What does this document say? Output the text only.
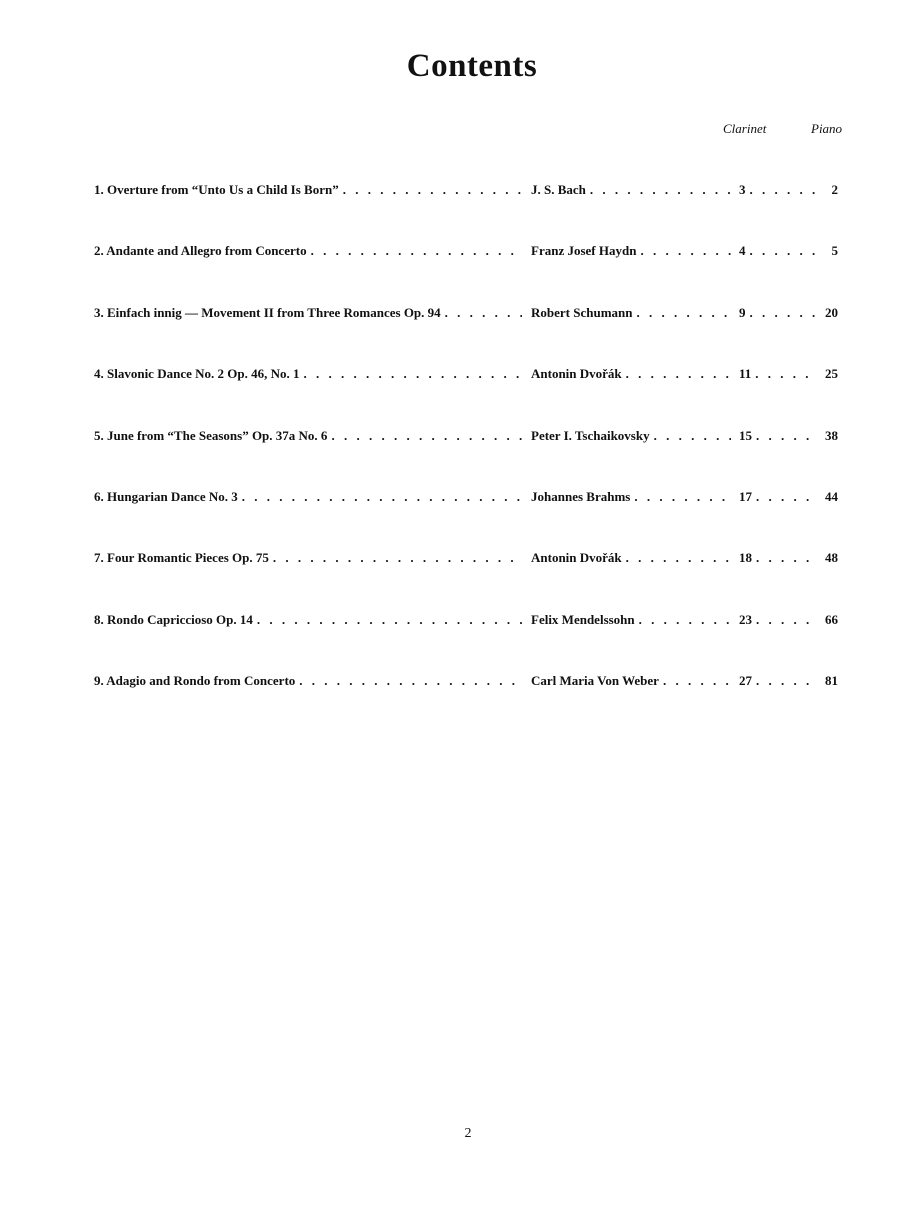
Contents
Clarinet	Piano
1. Overture from “Unto Us a Child Is Born” . . .	J. S. Bach . . .	3 . . .	2
2. Andante and Allegro from Concerto . . .	Franz Josef Haydn . . .	4 . . .	5
3. Einfach innig — Movement II from Three Romances Op. 94 . . .	Robert Schumann . . .	9 . . .	20
4. Slavonic Dance No. 2 Op. 46, No. 1 . . .	Antonin Dvořák . . .	11 . . .	25
5. June from “The Seasons” Op. 37a No. 6 . . .	Peter I. Tschaikovsky . . .	15 . . .	38
6. Hungarian Dance No. 3 . . .	Johannes Brahms . . .	17 . . .	44
7. Four Romantic Pieces Op. 75 . . .	Antonin Dvořák . . .	18 . . .	48
8. Rondo Capriccioso Op. 14 . . .	Felix Mendelssohn . . .	23 . . .	66
9. Adagio and Rondo from Concerto . . .	Carl Maria Von Weber . . .	27 . . .	81
2
